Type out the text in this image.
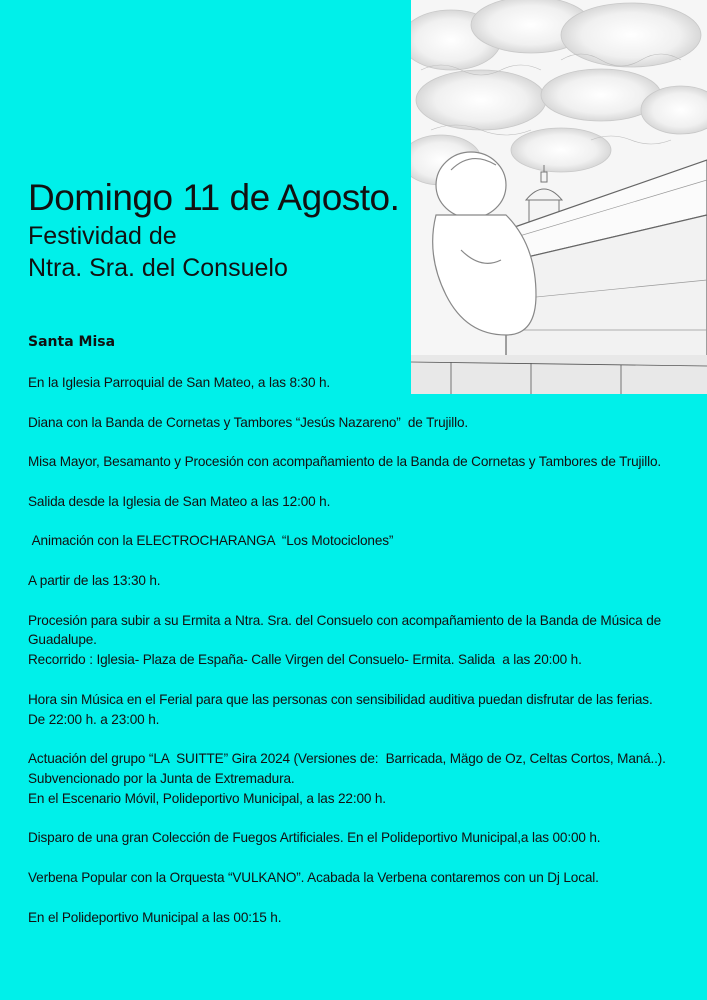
Domingo 11 de Agosto.
Festividad de
Ntra. Sra. del Consuelo
Santa Misa
En la Iglesia Parroquial de San Mateo, a las 8:30 h.
Diana con la Banda de Cornetas y Tambores “Jesús Nazareno”  de Trujillo.
Misa Mayor, Besamanto y Procesión con acompañamiento de la Banda de Cornetas y Tambores de Trujillo.
Salida desde la Iglesia de San Mateo a las 12:00 h.
Animación con la ELECTROCHARANGA  “Los Motociclones”
A partir de las 13:30 h.
Procesión para subir a su Ermita a Ntra. Sra. del Consuelo con acompañamiento de la Banda de Música de Guadalupe.
Recorrido : Iglesia- Plaza de España- Calle Virgen del Consuelo- Ermita. Salida  a las 20:00 h.
Hora sin Música en el Ferial para que las personas con sensibilidad auditiva puedan disfrutar de las ferias.
De 22:00 h. a 23:00 h.
Actuación del grupo “LA  SUITTE” Gira 2024 (Versiones de:  Barricada, Mägo de Oz, Celtas Cortos, Maná..).
Subvencionado por la Junta de Extremadura.
En el Escenario Móvil, Polideportivo Municipal, a las 22:00 h.
Disparo de una gran Colección de Fuegos Artificiales. En el Polideportivo Municipal,a las 00:00 h.
Verbena Popular con la Orquesta “VULKANO”. Acabada la Verbena contaremos con un Dj Local.
En el Polideportivo Municipal a las 00:15 h.
